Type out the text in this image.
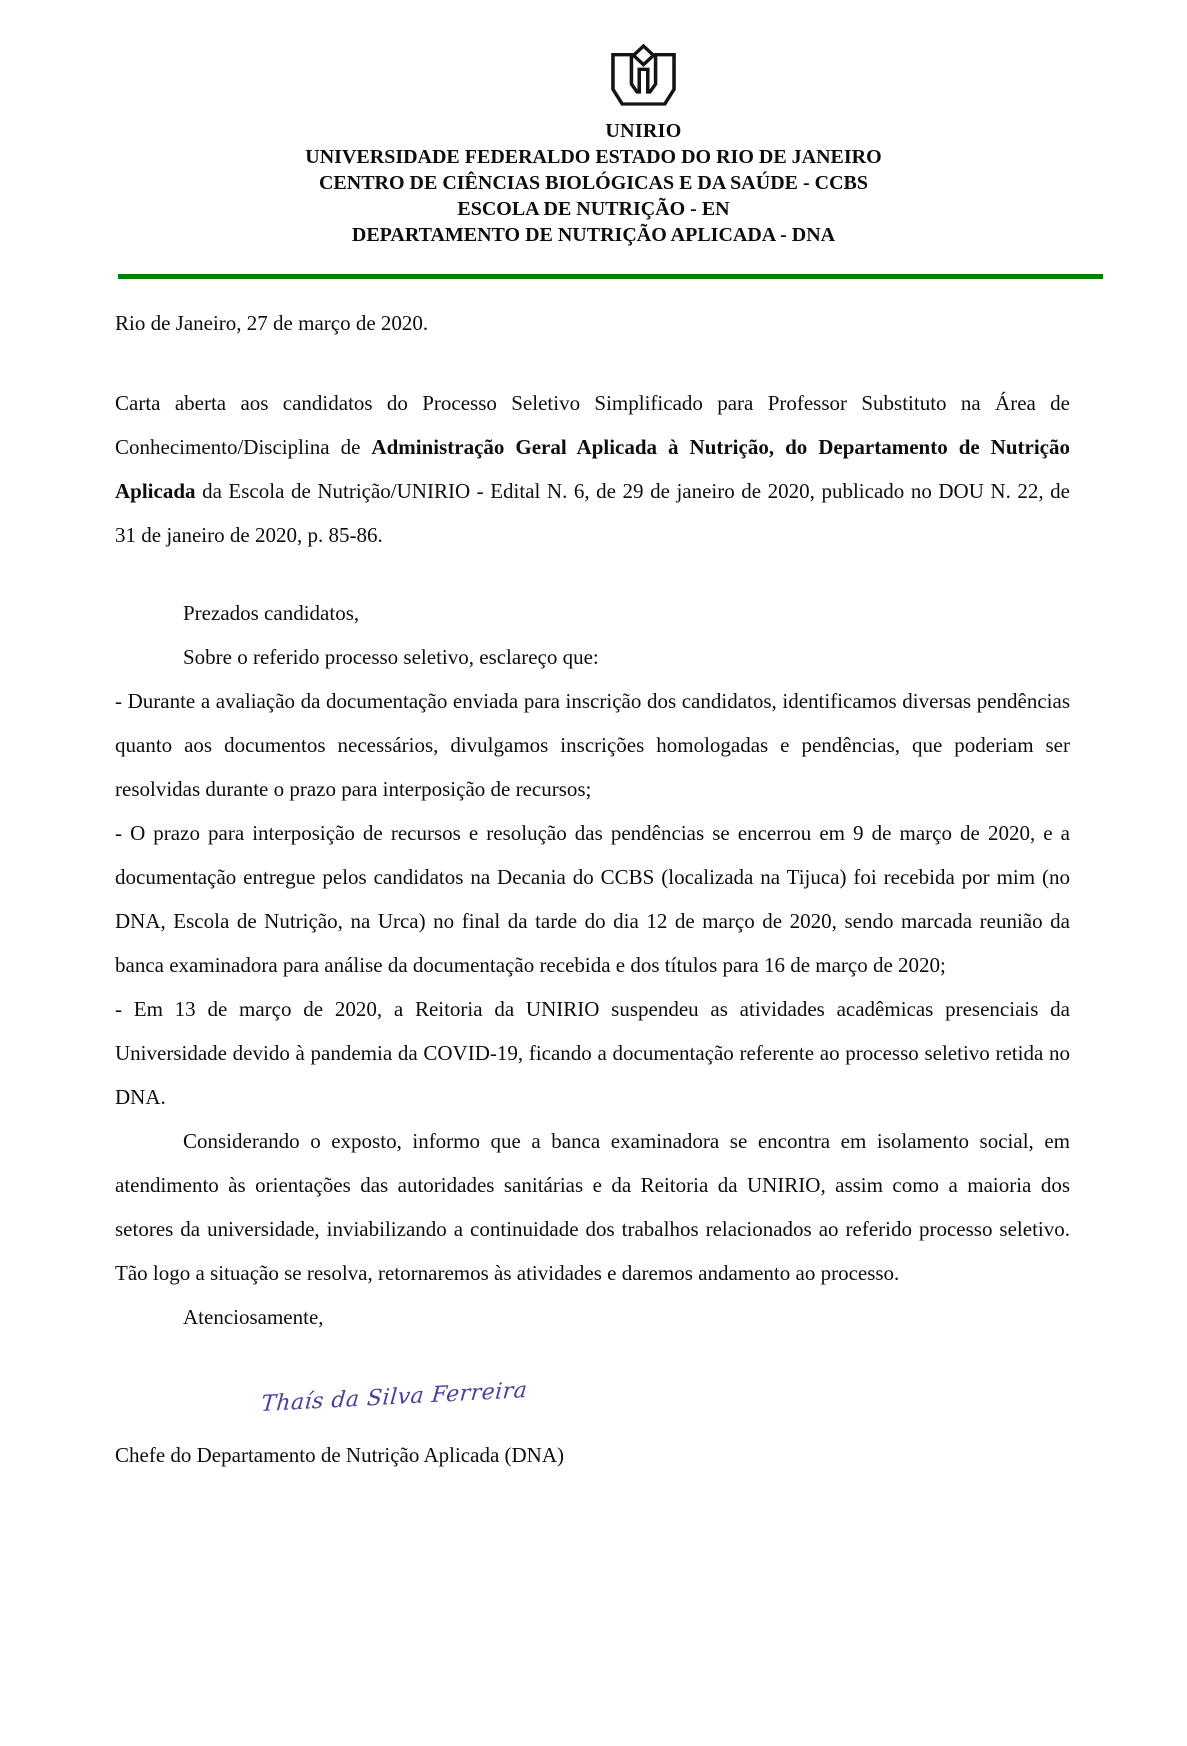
UNIRIO
UNIVERSIDADE FEDERALDO ESTADO DO RIO DE JANEIRO
CENTRO DE CIÊNCIAS BIOLÓGICAS E DA SAÚDE - CCBS
ESCOLA DE NUTRIÇÃO - EN
DEPARTAMENTO DE NUTRIÇÃO APLICADA - DNA

Rio de Janeiro, 27 de março de 2020.

Carta aberta aos candidatos do Processo Seletivo Simplificado para Professor Substituto na Área de Conhecimento/Disciplina de Administração Geral Aplicada à Nutrição, do Departamento de Nutrição Aplicada da Escola de Nutrição/UNIRIO - Edital N. 6, de 29 de janeiro de 2020, publicado no DOU N. 22, de 31 de janeiro de 2020, p. 85-86.

Prezados candidatos,

Sobre o referido processo seletivo, esclareço que:

- Durante a avaliação da documentação enviada para inscrição dos candidatos, identificamos diversas pendências quanto aos documentos necessários, divulgamos inscrições homologadas e pendências, que poderiam ser resolvidas durante o prazo para interposição de recursos;

- O prazo para interposição de recursos e resolução das pendências se encerrou em 9 de março de 2020, e a documentação entregue pelos candidatos na Decania do CCBS (localizada na Tijuca) foi recebida por mim (no DNA, Escola de Nutrição, na Urca) no final da tarde do dia 12 de março de 2020, sendo marcada reunião da banca examinadora para análise da documentação recebida e dos títulos para 16 de março de 2020;

- Em 13 de março de 2020, a Reitoria da UNIRIO suspendeu as atividades acadêmicas presenciais da Universidade devido à pandemia da COVID-19, ficando a documentação referente ao processo seletivo retida no DNA.

Considerando o exposto, informo que a banca examinadora se encontra em isolamento social, em atendimento às orientações das autoridades sanitárias e da Reitoria da UNIRIO, assim como a maioria dos setores da universidade, inviabilizando a continuidade dos trabalhos relacionados ao referido processo seletivo. Tão logo a situação se resolva, retornaremos às atividades e daremos andamento ao processo.

Atenciosamente,

Thaís da Silva Ferreira

Chefe do Departamento de Nutrição Aplicada (DNA)
